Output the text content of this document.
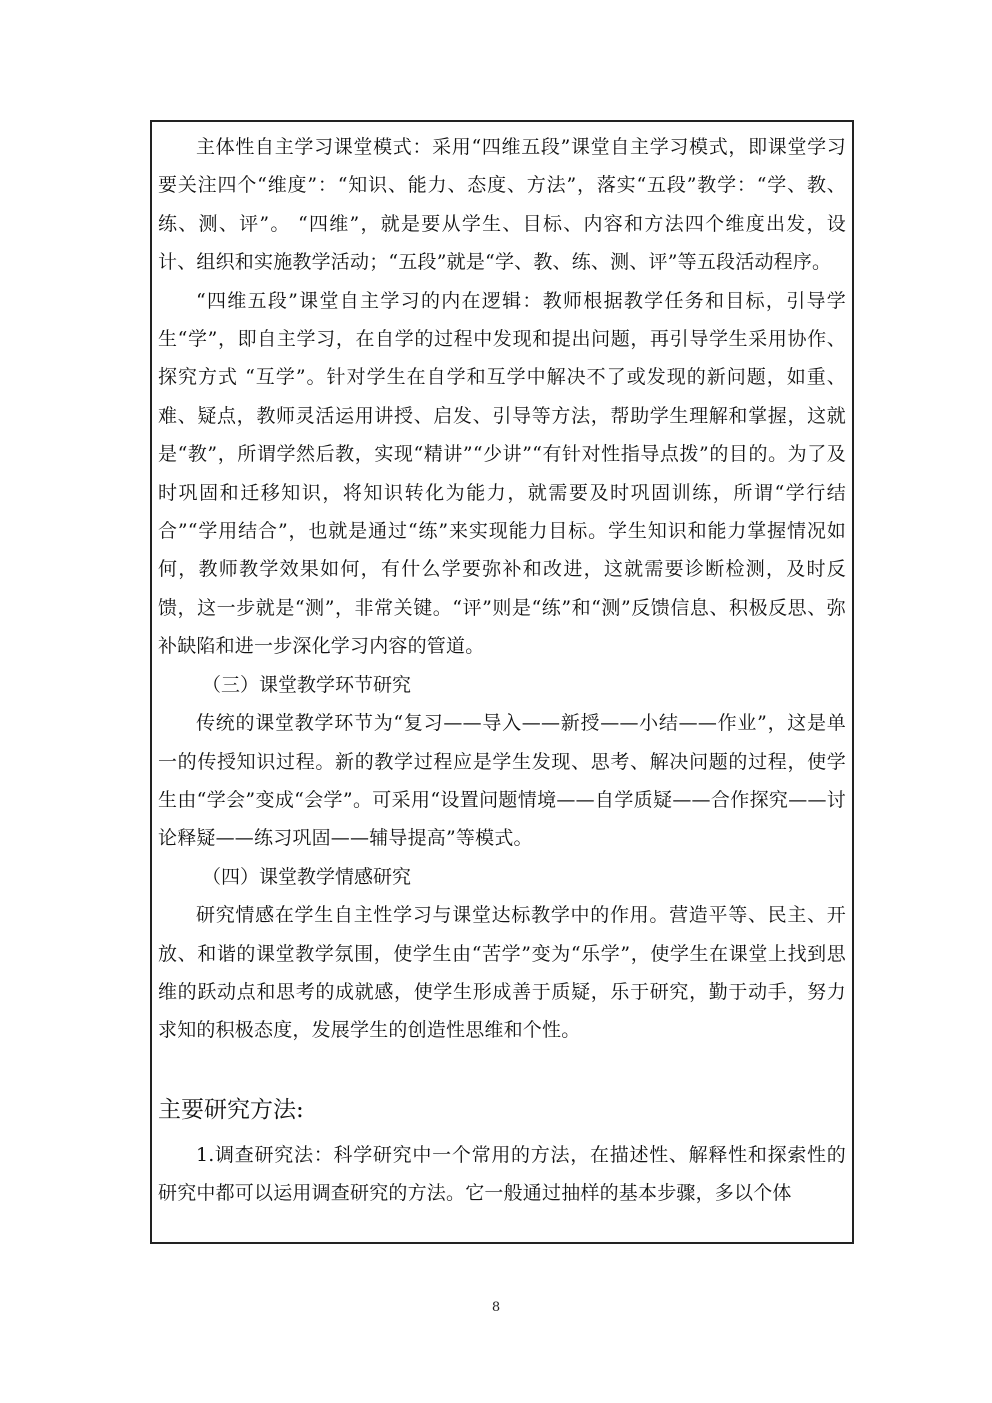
主体性自主学习课堂模式：采用“四维五段”课堂自主学习模式，即课堂学习要关注四个“维度”：“知识、能力、态度、方法”，落实“五段”教学：“学、教、练、测、评”。 “四维”，就是要从学生、目标、内容和方法四个维度出发，设计、组织和实施教学活动；“五段”就是“学、教、练、测、评”等五段活动程序。

“四维五段”课堂自主学习的内在逻辑：教师根据教学任务和目标，引导学生“学”，即自主学习，在自学的过程中发现和提出问题，再引导学生采用协作、探究方式 “互学”。针对学生在自学和互学中解决不了或发现的新问题，如重、难、疑点，教师灵活运用讲授、启发、引导等方法，帮助学生理解和掌握，这就是“教”，所谓学然后教，实现“精讲”“少讲”“有针对性指导点拨”的目的。为了及时巩固和迁移知识，将知识转化为能力，就需要及时巩固训练，所谓“学行结合”“学用结合”，也就是通过“练”来实现能力目标。学生知识和能力掌握情况如何，教师教学效果如何，有什么学要弥补和改进，这就需要诊断检测，及时反馈，这一步就是“测”，非常关键。“评”则是“练”和“测”反馈信息、积极反思、弥补缺陷和进一步深化学习内容的管道。

（三）课堂教学环节研究

传统的课堂教学环节为“复习——导入——新授——小结——作业”，这是单一的传授知识过程。新的教学过程应是学生发现、思考、解决问题的过程，使学生由“学会”变成“会学”。可采用“设置问题情境——自学质疑——合作探究——讨论释疑——练习巩固——辅导提高”等模式。

（四）课堂教学情感研究

研究情感在学生自主性学习与课堂达标教学中的作用。营造平等、民主、开放、和谐的课堂教学氛围，使学生由“苦学”变为“乐学”，使学生在课堂上找到思维的跃动点和思考的成就感，使学生形成善于质疑，乐于研究，勤于动手，努力求知的积极态度，发展学生的创造性思维和个性。

主要研究方法:

1.调查研究法：科学研究中一个常用的方法，在描述性、解释性和探索性的研究中都可以运用调查研究的方法。它一般通过抽样的基本步骤，多以个体

8
